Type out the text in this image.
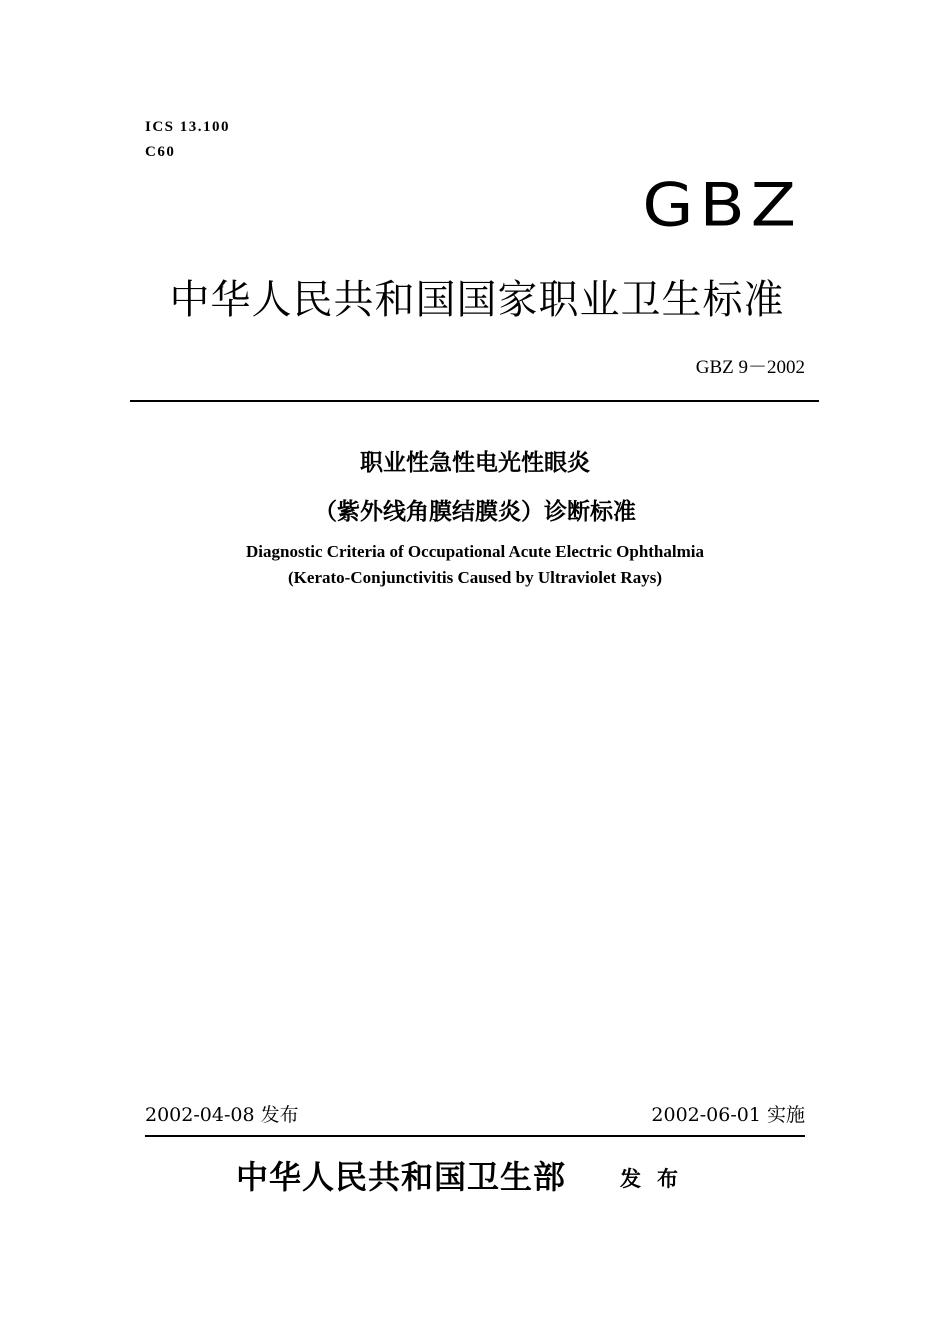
ICS 13.100
C60
GBZ
中华人民共和国国家职业卫生标准
GBZ 9－2002
职业性急性电光性眼炎
（紫外线角膜结膜炎）诊断标准
Diagnostic Criteria of Occupational Acute Electric Ophthalmia
(Kerato-Conjunctivitis Caused by Ultraviolet Rays)
2002-04-08 发布	2002-06-01 实施
中华人民共和国卫生部	发布
